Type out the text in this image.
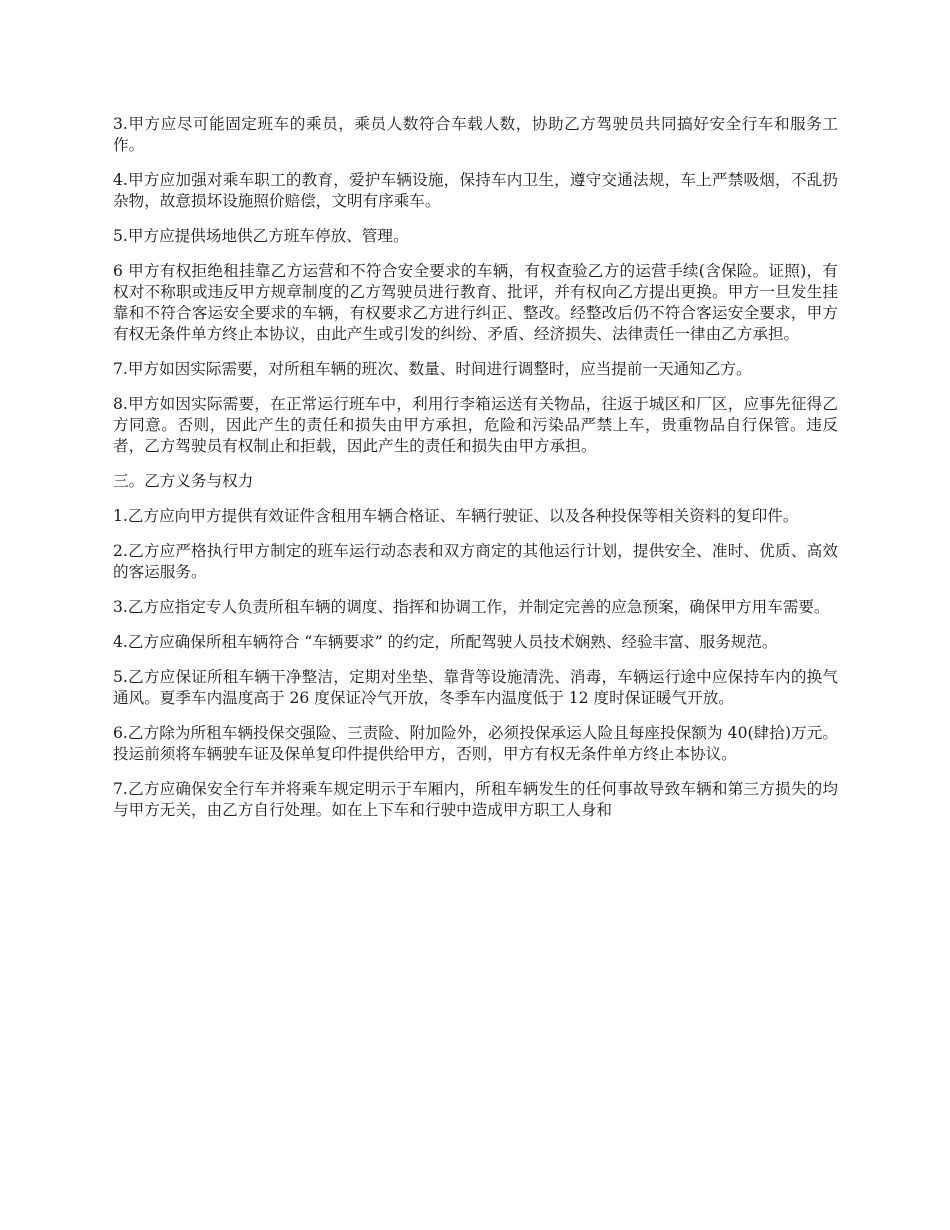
3.甲方应尽可能固定班车的乘员，乘员人数符合车载人数，协助乙方驾驶员共同搞好安全行车和服务工作。

4.甲方应加强对乘车职工的教育，爱护车辆设施，保持车内卫生，遵守交通法规，车上严禁吸烟，不乱扔杂物，故意损坏设施照价赔偿，文明有序乘车。

5.甲方应提供场地供乙方班车停放、管理。

6 甲方有权拒绝租挂靠乙方运营和不符合安全要求的车辆，有权查验乙方的运营手续(含保险。证照)，有权对不称职或违反甲方规章制度的乙方驾驶员进行教育、批评，并有权向乙方提出更换。甲方一旦发生挂靠和不符合客运安全要求的车辆，有权要求乙方进行纠正、整改。经整改后仍不符合客运安全要求，甲方有权无条件单方终止本协议，由此产生或引发的纠纷、矛盾、经济损失、法律责任一律由乙方承担。

7.甲方如因实际需要，对所租车辆的班次、数量、时间进行调整时，应当提前一天通知乙方。

8.甲方如因实际需要，在正常运行班车中，利用行李箱运送有关物品，往返于城区和厂区，应事先征得乙方同意。否则，因此产生的责任和损失由甲方承担，危险和污染品严禁上车，贵重物品自行保管。违反者，乙方驾驶员有权制止和拒载，因此产生的责任和损失由甲方承担。

三。乙方义务与权力

1.乙方应向甲方提供有效证件含租用车辆合格证、车辆行驶证、以及各种投保等相关资料的复印件。

2.乙方应严格执行甲方制定的班车运行动态表和双方商定的其他运行计划，提供安全、准时、优质、高效的客运服务。

3.乙方应指定专人负责所租车辆的调度、指挥和协调工作，并制定完善的应急预案，确保甲方用车需要。

4.乙方应确保所租车辆符合 “车辆要求” 的约定，所配驾驶人员技术娴熟、经验丰富、服务规范。

5.乙方应保证所租车辆干净整洁，定期对坐垫、靠背等设施清洗、消毒，车辆运行途中应保持车内的换气通风。夏季车内温度高于 26 度保证冷气开放，冬季车内温度低于 12 度时保证暖气开放。

6.乙方除为所租车辆投保交强险、三责险、附加险外，必须投保承运人险且每座投保额为 40(肆拾)万元。投运前须将车辆驶车证及保单复印件提供给甲方，否则，甲方有权无条件单方终止本协议。

7.乙方应确保安全行车并将乘车规定明示于车厢内，所租车辆发生的任何事故导致车辆和第三方损失的均与甲方无关，由乙方自行处理。如在上下车和行驶中造成甲方职工人身和
